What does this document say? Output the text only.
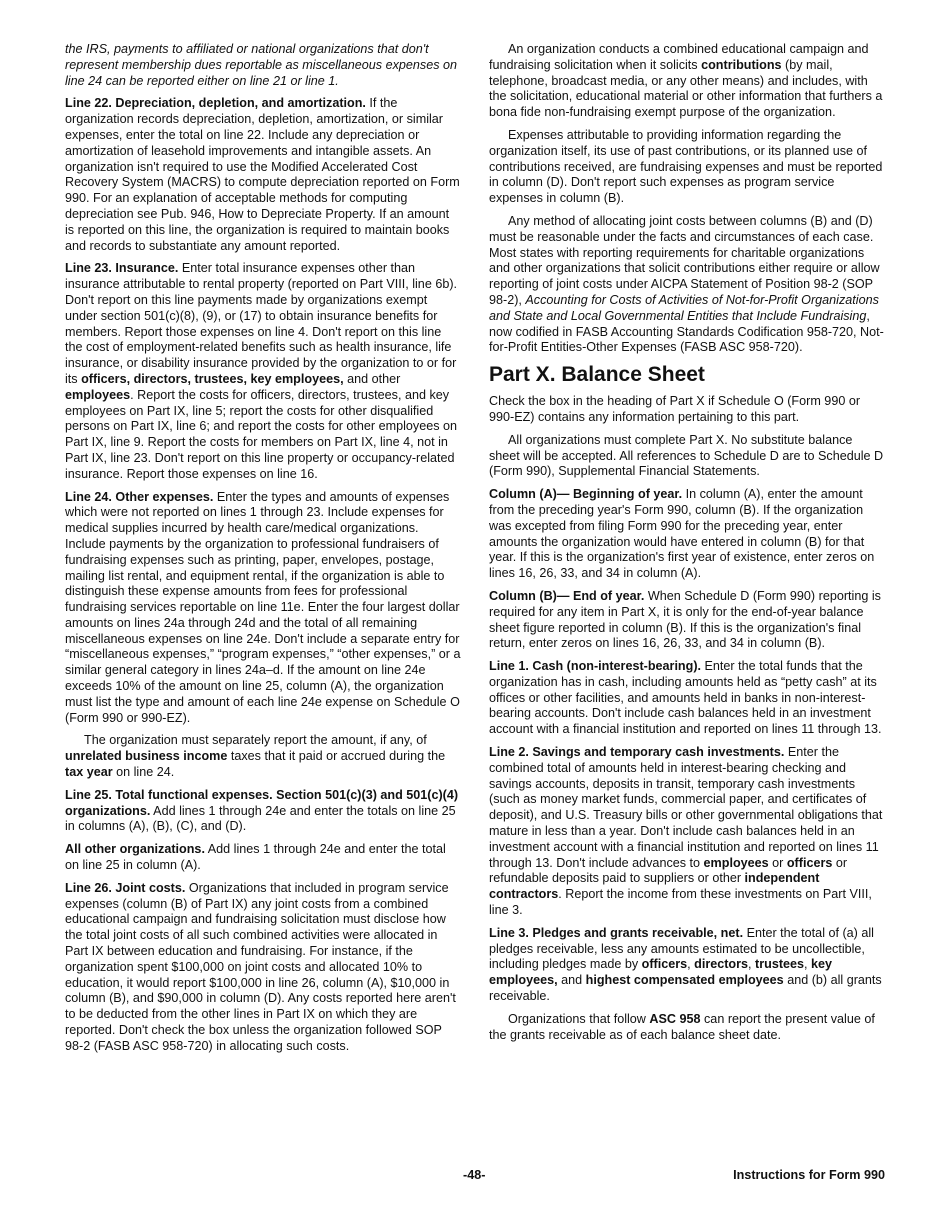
the IRS, payments to affiliated or national organizations that don't represent membership dues reportable as miscellaneous expenses on line 24 can be reported either on line 21 or line 1.

Line 22. Depreciation, depletion, and amortization. If the organization records depreciation, depletion, amortization, or similar expenses, enter the total on line 22. Include any depreciation or amortization of leasehold improvements and intangible assets. An organization isn't required to use the Modified Accelerated Cost Recovery System (MACRS) to compute depreciation reported on Form 990. For an explanation of acceptable methods for computing depreciation see Pub. 946, How to Depreciate Property. If an amount is reported on this line, the organization is required to maintain books and records to substantiate any amount reported.

Line 23. Insurance. Enter total insurance expenses other than insurance attributable to rental property (reported on Part VIII, line 6b). Don't report on this line payments made by organizations exempt under section 501(c)(8), (9), or (17) to obtain insurance benefits for members. Report those expenses on line 4. Don't report on this line the cost of employment-related benefits such as health insurance, life insurance, or disability insurance provided by the organization to or for its officers, directors, trustees, key employees, and other employees. Report the costs for officers, directors, trustees, and key employees on Part IX, line 5; report the costs for other disqualified persons on Part IX, line 6; and report the costs for other employees on Part IX, line 9. Report the costs for members on Part IX, line 4, not in Part IX, line 23. Don't report on this line property or occupancy-related insurance. Report those expenses on line 16.

Line 24. Other expenses. Enter the types and amounts of expenses which were not reported on lines 1 through 23. Include expenses for medical supplies incurred by health care/medical organizations. Include payments by the organization to professional fundraisers of fundraising expenses such as printing, paper, envelopes, postage, mailing list rental, and equipment rental, if the organization is able to distinguish these expense amounts from fees for professional fundraising services reportable on line 11e. Enter the four largest dollar amounts on lines 24a through 24d and the total of all remaining miscellaneous expenses on line 24e. Don't include a separate entry for “miscellaneous expenses,” “program expenses,” “other expenses,” or a similar general category in lines 24a–d. If the amount on line 24e exceeds 10% of the amount on line 25, column (A), the organization must list the type and amount of each line 24e expense on Schedule O (Form 990 or 990-EZ).

The organization must separately report the amount, if any, of unrelated business income taxes that it paid or accrued during the tax year on line 24.

Line 25. Total functional expenses. Section 501(c)(3) and 501(c)(4) organizations. Add lines 1 through 24e and enter the totals on line 25 in columns (A), (B), (C), and (D).

All other organizations. Add lines 1 through 24e and enter the total on line 25 in column (A).

Line 26. Joint costs. Organizations that included in program service expenses (column (B) of Part IX) any joint costs from a combined educational campaign and fundraising solicitation must disclose how the total joint costs of all such combined activities were allocated in Part IX between education and fundraising. For instance, if the organization spent $100,000 on joint costs and allocated 10% to education, it would report $100,000 in line 26, column (A), $10,000 in column (B), and $90,000 in column (D). Any costs reported here aren't to be deducted from the other lines in Part IX on which they are reported. Don't check the box unless the organization followed SOP 98-2 (FASB ASC 958-720) in allocating such costs.

An organization conducts a combined educational campaign and fundraising solicitation when it solicits contributions (by mail, telephone, broadcast media, or any other means) and includes, with the solicitation, educational material or other information that furthers a bona fide non-fundraising exempt purpose of the organization.

Expenses attributable to providing information regarding the organization itself, its use of past contributions, or its planned use of contributions received, are fundraising expenses and must be reported in column (D). Don't report such expenses as program service expenses in column (B).

Any method of allocating joint costs between columns (B) and (D) must be reasonable under the facts and circumstances of each case. Most states with reporting requirements for charitable organizations and other organizations that solicit contributions either require or allow reporting of joint costs under AICPA Statement of Position 98-2 (SOP 98-2), Accounting for Costs of Activities of Not-for-Profit Organizations and State and Local Governmental Entities that Include Fundraising, now codified in FASB Accounting Standards Codification 958-720, Not-for-Profit Entities-Other Expenses (FASB ASC 958-720).

Part X. Balance Sheet

Check the box in the heading of Part X if Schedule O (Form 990 or 990-EZ) contains any information pertaining to this part.

All organizations must complete Part X. No substitute balance sheet will be accepted. All references to Schedule D are to Schedule D (Form 990), Supplemental Financial Statements.

Column (A)— Beginning of year. In column (A), enter the amount from the preceding year's Form 990, column (B). If the organization was excepted from filing Form 990 for the preceding year, enter amounts the organization would have entered in column (B) for that year. If this is the organization's first year of existence, enter zeros on lines 16, 26, 33, and 34 in column (A).

Column (B)— End of year. When Schedule D (Form 990) reporting is required for any item in Part X, it is only for the end-of-year balance sheet figure reported in column (B). If this is the organization's final return, enter zeros on lines 16, 26, 33, and 34 in column (B).

Line 1. Cash (non-interest-bearing). Enter the total funds that the organization has in cash, including amounts held as “petty cash” at its offices or other facilities, and amounts held in banks in non-interest-bearing accounts. Don't include cash balances held in an investment account with a financial institution and reported on lines 11 through 13.

Line 2. Savings and temporary cash investments. Enter the combined total of amounts held in interest-bearing checking and savings accounts, deposits in transit, temporary cash investments (such as money market funds, commercial paper, and certificates of deposit), and U.S. Treasury bills or other governmental obligations that mature in less than a year. Don't include cash balances held in an investment account with a financial institution and reported on lines 11 through 13. Don't include advances to employees or officers or refundable deposits paid to suppliers or other independent contractors. Report the income from these investments on Part VIII, line 3.

Line 3. Pledges and grants receivable, net. Enter the total of (a) all pledges receivable, less any amounts estimated to be uncollectible, including pledges made by officers, directors, trustees, key employees, and highest compensated employees and (b) all grants receivable.

Organizations that follow ASC 958 can report the present value of the grants receivable as of each balance sheet date.

-48-	Instructions for Form 990
